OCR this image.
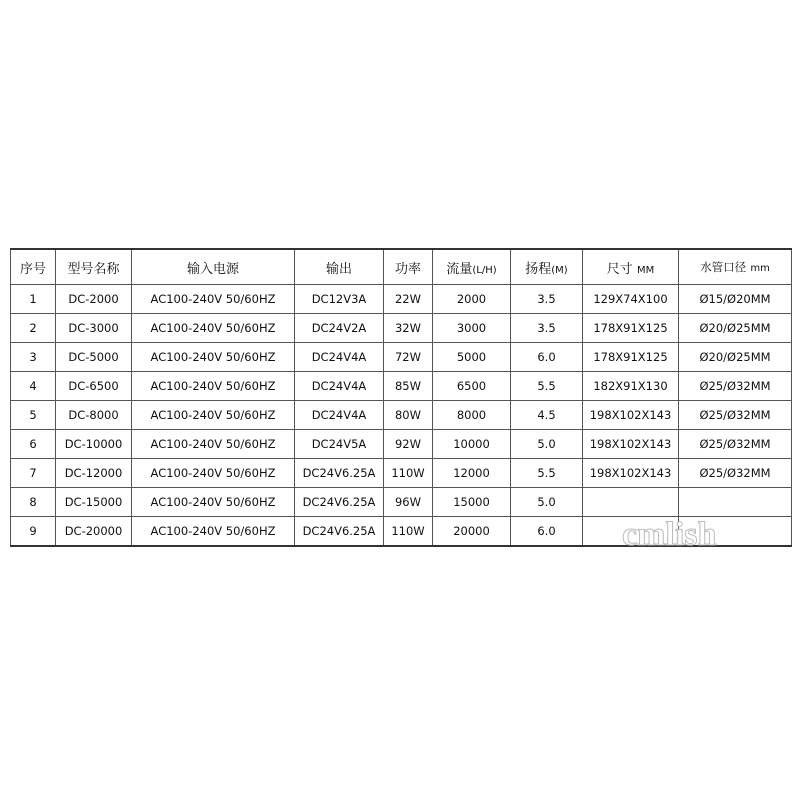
序号	型号名称	输入电源	输出	功率	流量(L/H)	扬程(M)	尺寸 MM	水管口径 mm
1	DC-2000	AC100-240V 50/60HZ	DC12V3A	22W	2000	3.5	129X74X100	Ø15/Ø20MM
2	DC-3000	AC100-240V 50/60HZ	DC24V2A	32W	3000	3.5	178X91X125	Ø20/Ø25MM
3	DC-5000	AC100-240V 50/60HZ	DC24V4A	72W	5000	6.0	178X91X125	Ø20/Ø25MM
4	DC-6500	AC100-240V 50/60HZ	DC24V4A	85W	6500	5.5	182X91X130	Ø25/Ø32MM
5	DC-8000	AC100-240V 50/60HZ	DC24V4A	80W	8000	4.5	198X102X143	Ø25/Ø32MM
6	DC-10000	AC100-240V 50/60HZ	DC24V5A	92W	10000	5.0	198X102X143	Ø25/Ø32MM
7	DC-12000	AC100-240V 50/60HZ	DC24V6.25A	110W	12000	5.5	198X102X143	Ø25/Ø32MM
8	DC-15000	AC100-240V 50/60HZ	DC24V6.25A	96W	15000	5.0		
9	DC-20000	AC100-240V 50/60HZ	DC24V6.25A	110W	20000	6.0		cmlish
